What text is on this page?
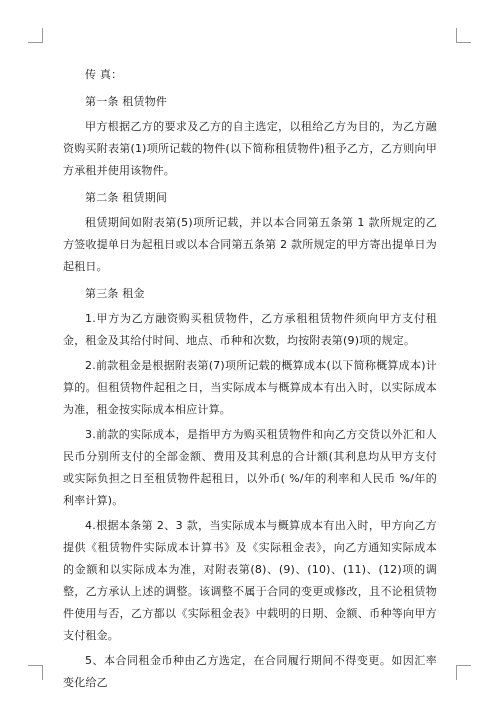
传 真：

第一条 租赁物件

甲方根据乙方的要求及乙方的自主选定，以租给乙方为目的，为乙方融资购买附表第(1)项所记载的物件(以下简称租赁物件)租予乙方，乙方则向甲方承租并使用该物件。

第二条 租赁期间

租赁期间如附表第(5)项所记载，并以本合同第五条第 1 款所规定的乙方签收提单日为起租日或以本合同第五条第 2 款所规定的甲方寄出提单日为起租日。

第三条 租金

1.甲方为乙方融资购买租赁物件，乙方承租租赁物件须向甲方支付租金，租金及其给付时间、地点、币种和次数，均按附表第(9)项的规定。

2.前款租金是根据附表第(7)项所记载的概算成本(以下简称概算成本)计算的。但租赁物件起租之日，当实际成本与概算成本有出入时，以实际成本为准，租金按实际成本相应计算。

3.前款的实际成本，是指甲方为购买租赁物件和向乙方交货以外汇和人民币分别所支付的全部金额、费用及其利息的合计额(其利息均从甲方支付或实际负担之日至租赁物件起租日，以外币( %/年的利率和人民币 %/年的利率计算)。

4.根据本条第 2、3 款，当实际成本与概算成本有出入时，甲方向乙方提供《租赁物件实际成本计算书》及《实际租金表》，向乙方通知实际成本的金额和以实际成本为准，对附表第(8)、(9)、(10)、(11)、(12)项的调整，乙方承认上述的调整。该调整不属于合同的变更或修改，且不论租赁物件使用与否，乙方都以《实际租金表》中载明的日期、金额、币种等向甲方支付租金。

5、本合同租金币种由乙方选定，在合同履行期间不得变更。如因汇率变化给乙
